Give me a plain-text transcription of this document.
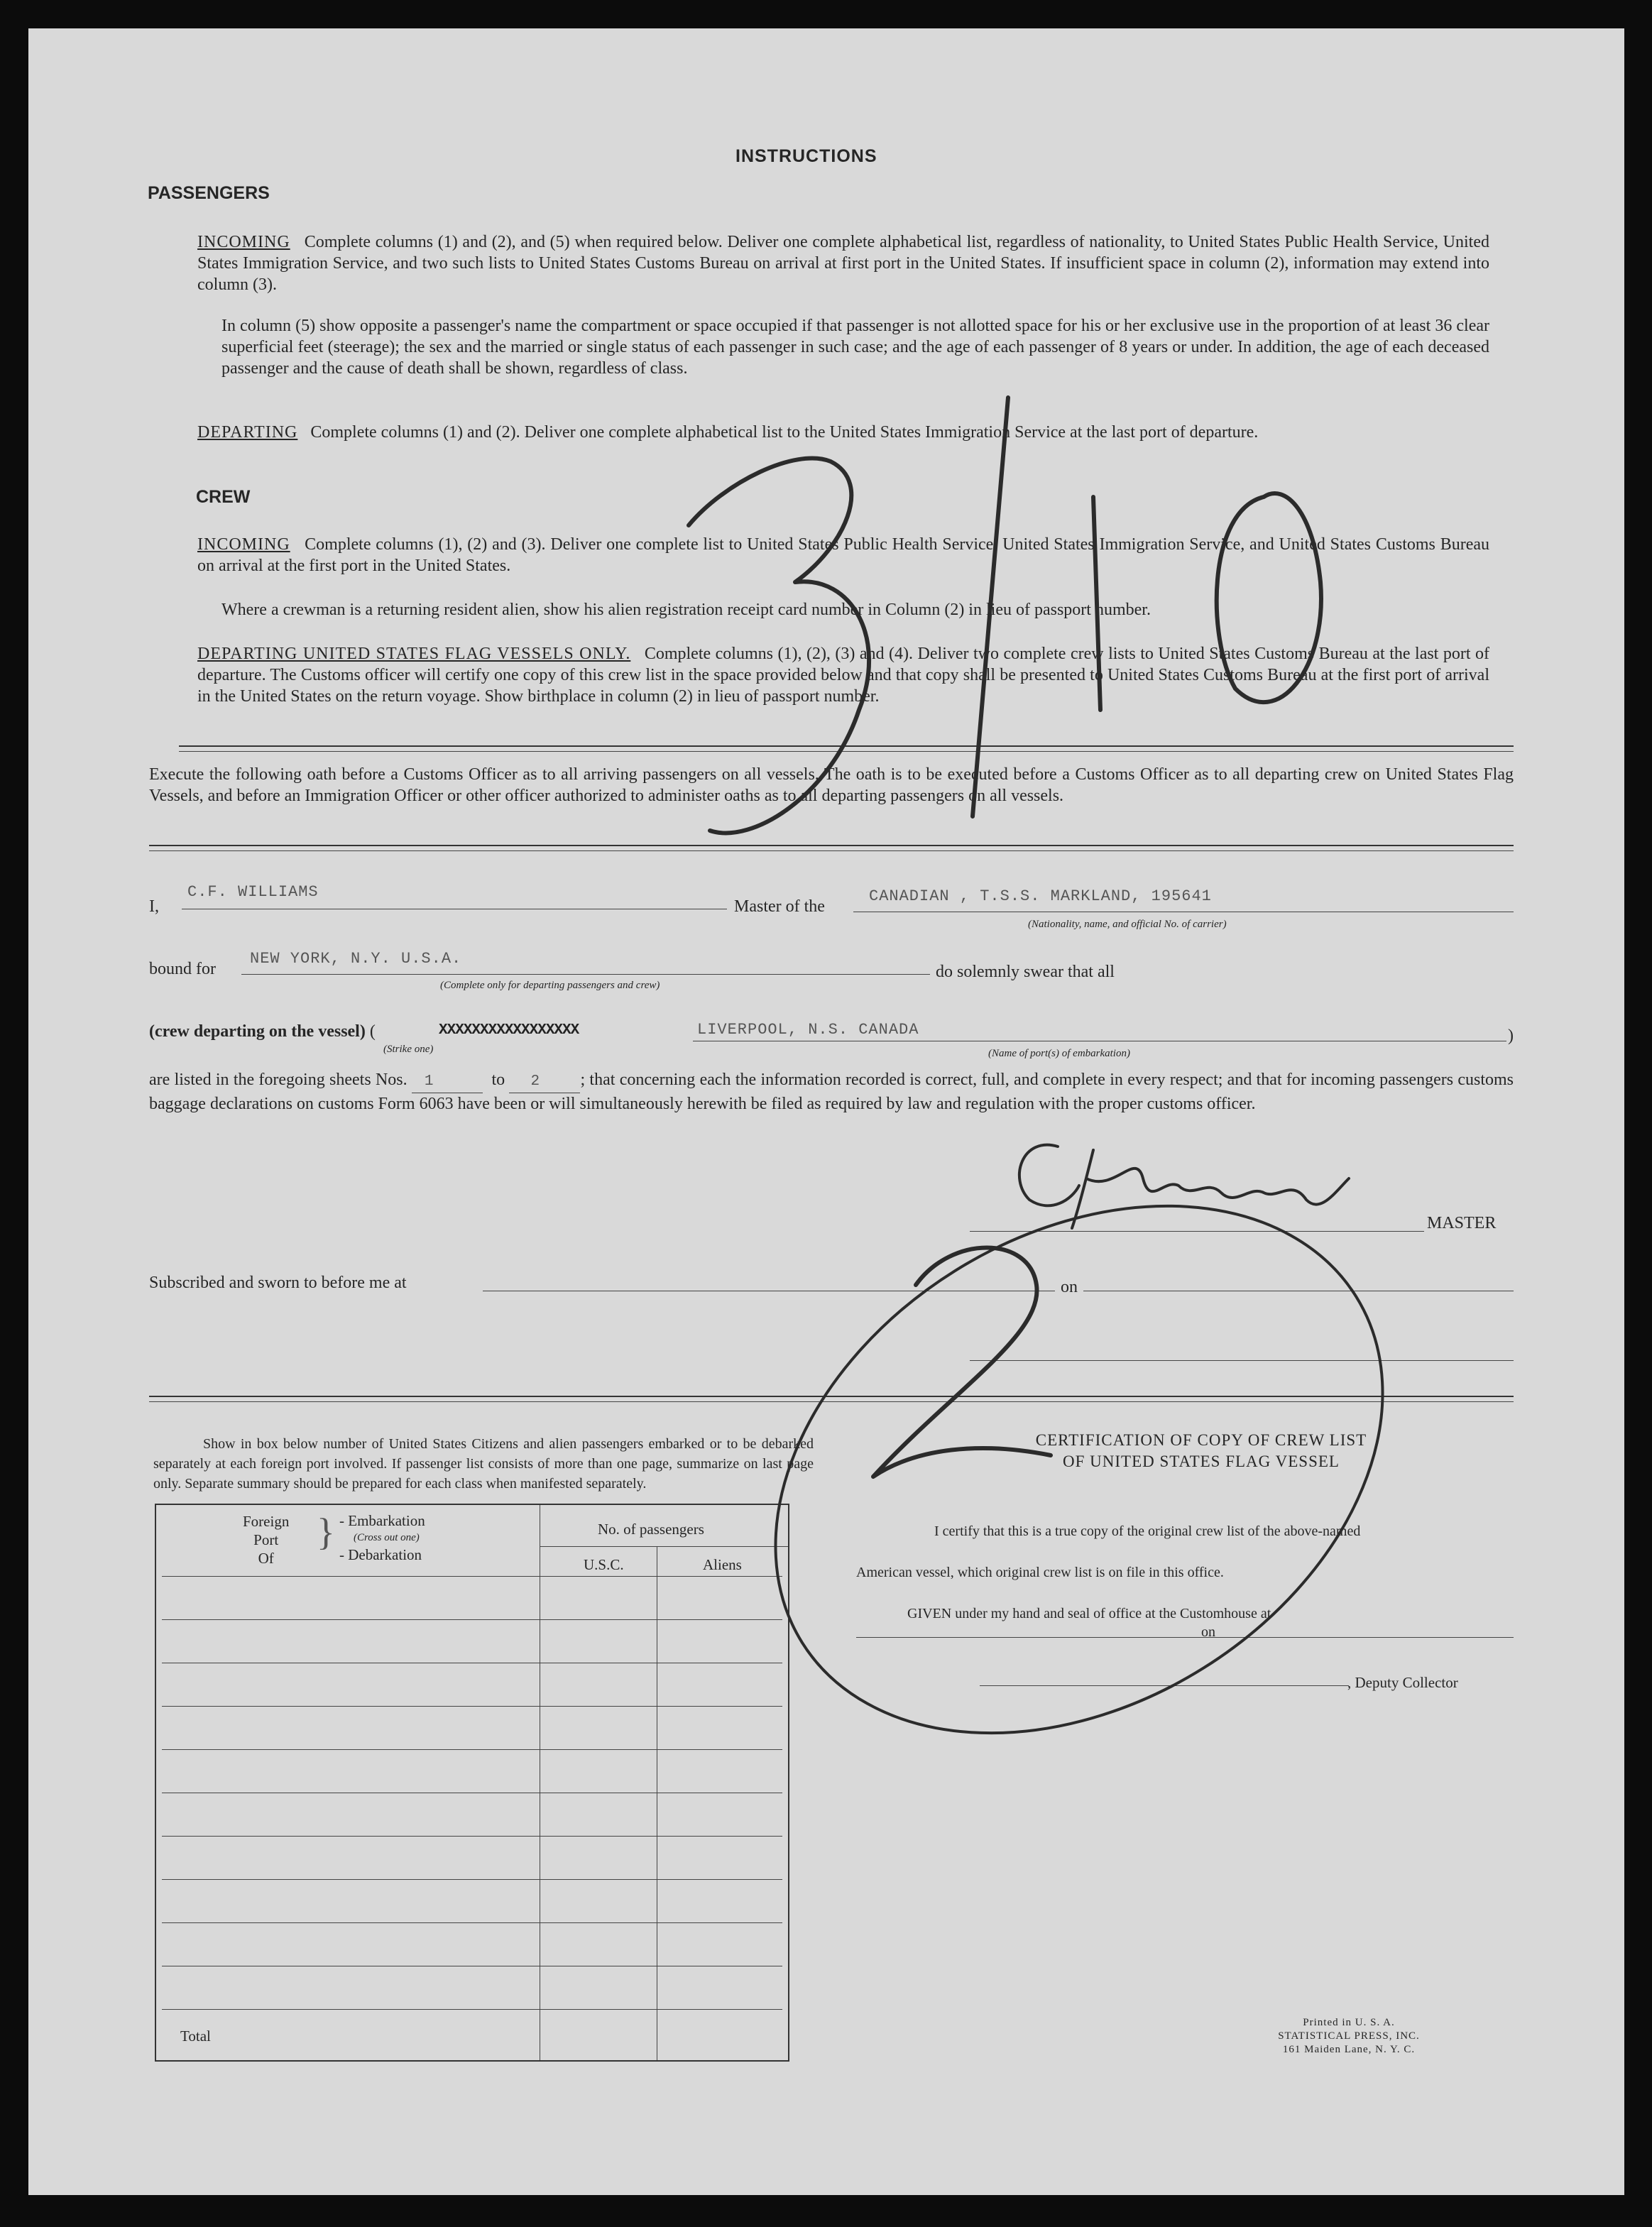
INSTRUCTIONS
PASSENGERS
INCOMING Complete columns (1) and (2), and (5) when required below. Deliver one complete alphabetical list, regardless of nationality, to United States Public Health Service, United States Immigration Service, and two such lists to United States Customs Bureau on arrival at first port in the United States. If insufficient space in column (2), information may extend into column (3).
In column (5) show opposite a passenger's name the compartment or space occupied if that passenger is not allotted space for his or her exclusive use in the proportion of at least 36 clear superficial feet (steerage); the sex and the married or single status of each passenger in such case; and the age of each passenger of 8 years or under. In addition, the age of each deceased passenger and the cause of death shall be shown, regardless of class.
DEPARTING Complete columns (1) and (2). Deliver one complete alphabetical list to the United States Immigration Service at the last port of departure.
CREW
INCOMING Complete columns (1), (2) and (3). Deliver one complete list to United States Public Health Service, United States Immigration Service, and United States Customs Bureau on arrival at the first port in the United States.
Where a crewman is a returning resident alien, show his alien registration receipt card number in Column (2) in lieu of passport number.
DEPARTING UNITED STATES FLAG VESSELS ONLY. Complete columns (1), (2), (3) and (4). Deliver two complete crew lists to United States Customs Bureau at the last port of departure. The Customs officer will certify one copy of this crew list in the space provided below and that copy shall be presented to United States Customs Bureau at the first port of arrival in the United States on the return voyage. Show birthplace in column (2) in lieu of passport number.
Execute the following oath before a Customs Officer as to all arriving passengers on all vessels. The oath is to be executed before a Customs Officer as to all departing crew on United States Flag Vessels, and before an Immigration Officer or other officer authorized to administer oaths as to all departing passengers on all vessels.
I,
C.F. WILLIAMS
Master of the
CANADIAN , T.S.S. MARKLAND, 195641
(Nationality, name, and official No. of carrier)
bound for
NEW YORK, N.Y. U.S.A.
(Complete only for departing passengers and crew)
do solemnly swear that all
(crew departing on the vessel) (	XXXXXXXXXXXXXXXXX
(Strike one)
LIVERPOOL, N.S. CANADA	)
(Name of port(s) of embarkation)
are listed in the foregoing sheets Nos. 1	to 2 ; that concerning each the information recorded is correct, full, and complete in every respect; and that for incoming passengers customs baggage declarations on customs Form 6063 have been or will simultaneously herewith be filed as required by law and regulation with the proper customs officer.
MASTER
Subscribed and sworn to before me at	on
Show in box below number of United States Citizens and alien passengers embarked or to be debarked separately at each foreign port involved. If passenger list consists of more than one page, summarize on last page only. Separate summary should be prepared for each class when manifested separately.
Foreign
Port
Of
} - Embarkation
(Cross out one)
- Debarkation
No. of passengers
U.S.C.	Aliens
Total
CERTIFICATION OF COPY OF CREW LIST
OF UNITED STATES FLAG VESSEL
I certify that this is a true copy of the original crew list of the above-named
American vessel, which original crew list is on file in this office.
GIVEN under my hand and seal of office at the Customhouse at
on
, Deputy Collector
Printed in U. S. A.
STATISTICAL PRESS, INC.
161 Maiden Lane, N. Y. C.
